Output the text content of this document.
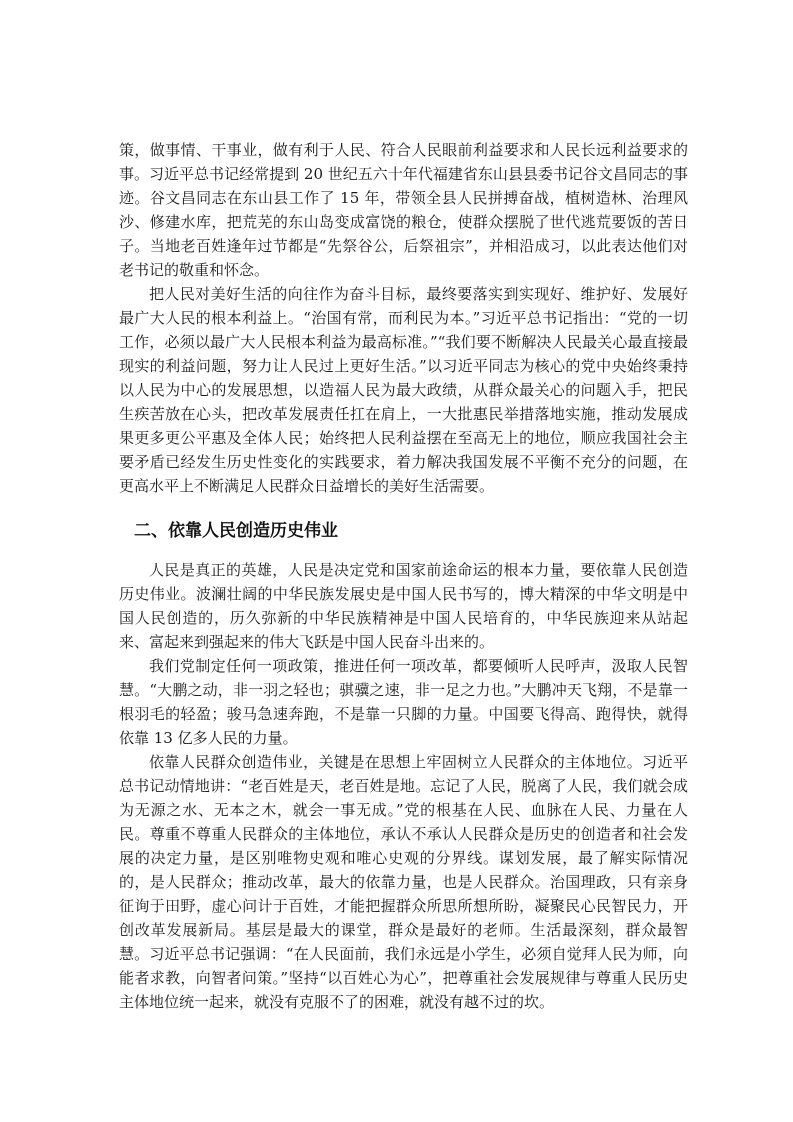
策，做事情、干事业，做有利于人民、符合人民眼前利益要求和人民长远利益要求的事。习近平总书记经常提到 20 世纪五六十年代福建省东山县县委书记谷文昌同志的事迹。谷文昌同志在东山县工作了 15 年，带领全县人民拼搏奋战，植树造林、治理风沙、修建水库，把荒芜的东山岛变成富饶的粮仓，使群众摆脱了世代逃荒要饭的苦日子。当地老百姓逢年过节都是“先祭谷公，后祭祖宗”，并相沿成习，以此表达他们对老书记的敬重和怀念。

把人民对美好生活的向往作为奋斗目标，最终要落实到实现好、维护好、发展好最广大人民的根本利益上。“治国有常，而利民为本。”习近平总书记指出：“党的一切工作，必须以最广大人民根本利益为最高标准。”“我们要不断解决人民最关心最直接最现实的利益问题，努力让人民过上更好生活。”以习近平同志为核心的党中央始终秉持以人民为中心的发展思想，以造福人民为最大政绩，从群众最关心的问题入手，把民生疾苦放在心头，把改革发展责任扛在肩上，一大批惠民举措落地实施，推动发展成果更多更公平惠及全体人民；始终把人民利益摆在至高无上的地位，顺应我国社会主要矛盾已经发生历史性变化的实践要求，着力解决我国发展不平衡不充分的问题，在更高水平上不断满足人民群众日益增长的美好生活需要。

二、依靠人民创造历史伟业

人民是真正的英雄，人民是决定党和国家前途命运的根本力量，要依靠人民创造历史伟业。波澜壮阔的中华民族发展史是中国人民书写的，博大精深的中华文明是中国人民创造的，历久弥新的中华民族精神是中国人民培育的，中华民族迎来从站起来、富起来到强起来的伟大飞跃是中国人民奋斗出来的。

我们党制定任何一项政策，推进任何一项改革，都要倾听人民呼声，汲取人民智慧。“大鹏之动，非一羽之轻也；骐骥之速，非一足之力也。”大鹏冲天飞翔，不是靠一根羽毛的轻盈；骏马急速奔跑，不是靠一只脚的力量。中国要飞得高、跑得快，就得依靠 13 亿多人民的力量。

依靠人民群众创造伟业，关键是在思想上牢固树立人民群众的主体地位。习近平总书记动情地讲：“老百姓是天，老百姓是地。忘记了人民，脱离了人民，我们就会成为无源之水、无本之木，就会一事无成。”党的根基在人民、血脉在人民、力量在人民。尊重不尊重人民群众的主体地位，承认不承认人民群众是历史的创造者和社会发展的决定力量，是区别唯物史观和唯心史观的分界线。谋划发展，最了解实际情况的，是人民群众；推动改革，最大的依靠力量，也是人民群众。治国理政，只有亲身征询于田野，虚心问计于百姓，才能把握群众所思所想所盼，凝聚民心民智民力，开创改革发展新局。基层是最大的课堂，群众是最好的老师。生活最深刻，群众最智慧。习近平总书记强调：“在人民面前，我们永远是小学生，必须自觉拜人民为师，向能者求教，向智者问策。”坚持“以百姓心为心”，把尊重社会发展规律与尊重人民历史主体地位统一起来，就没有克服不了的困难，就没有越不过的坎。
